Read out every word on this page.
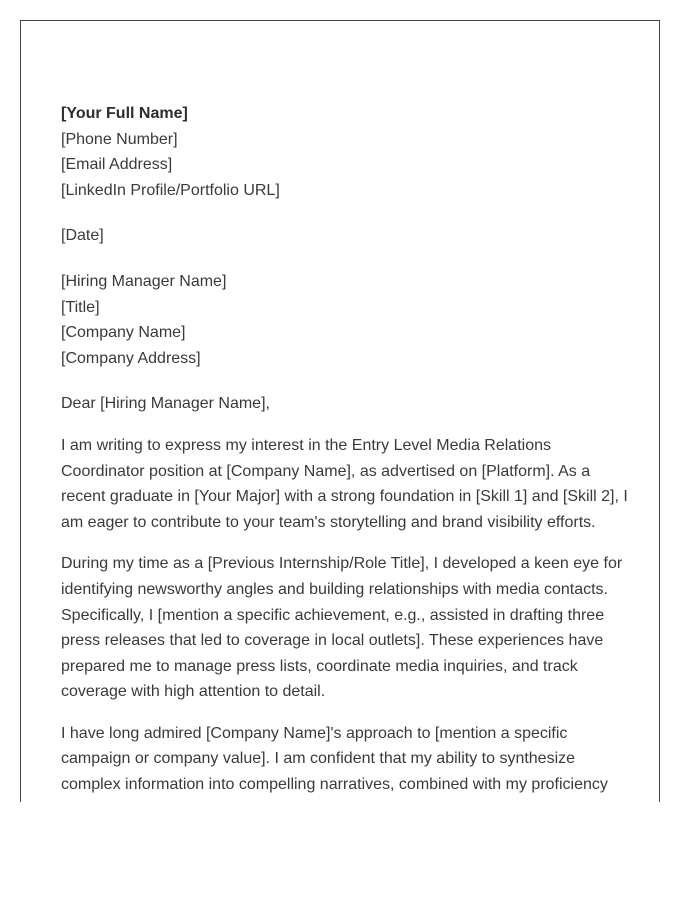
[Your Full Name]
[Phone Number]
[Email Address]
[LinkedIn Profile/Portfolio URL]
[Date]
[Hiring Manager Name]
[Title]
[Company Name]
[Company Address]
Dear [Hiring Manager Name],

I am writing to express my interest in the Entry Level Media Relations Coordinator position at [Company Name], as advertised on [Platform]. As a recent graduate in [Your Major] with a strong foundation in [Skill 1] and [Skill 2], I am eager to contribute to your team's storytelling and brand visibility efforts.

During my time as a [Previous Internship/Role Title], I developed a keen eye for identifying newsworthy angles and building relationships with media contacts. Specifically, I [mention a specific achievement, e.g., assisted in drafting three press releases that led to coverage in local outlets]. These experiences have prepared me to manage press lists, coordinate media inquiries, and track coverage with high attention to detail.

I have long admired [Company Name]'s approach to [mention a specific campaign or company value]. I am confident that my ability to synthesize complex information into compelling narratives, combined with my proficiency
